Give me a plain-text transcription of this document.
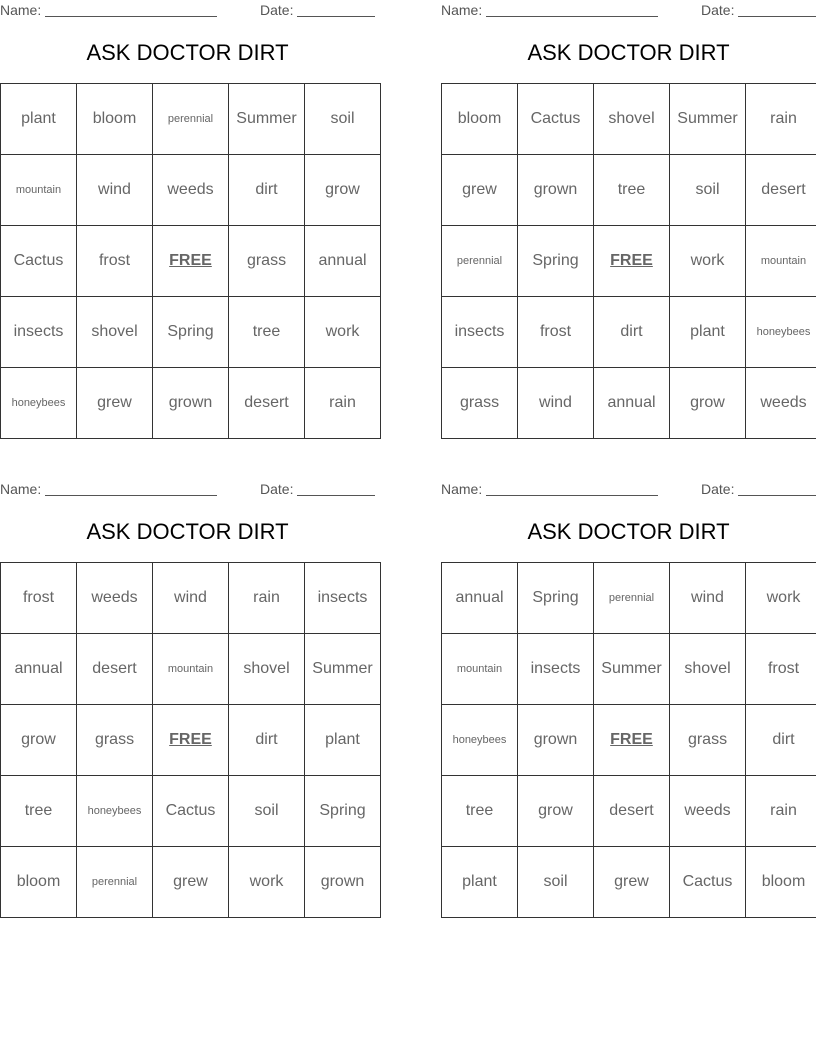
Name:	Date:
ASK DOCTOR DIRT
plant	bloom	perennial	Summer	soil
mountain	wind	weeds	dirt	grow
Cactus	frost	FREE	grass	annual
insects	shovel	Spring	tree	work
honeybees	grew	grown	desert	rain
Name:	Date:
ASK DOCTOR DIRT
bloom	Cactus	shovel	Summer	rain
grew	grown	tree	soil	desert
perennial	Spring	FREE	work	mountain
insects	frost	dirt	plant	honeybees
grass	wind	annual	grow	weeds
Name:	Date:
ASK DOCTOR DIRT
frost	weeds	wind	rain	insects
annual	desert	mountain	shovel	Summer
grow	grass	FREE	dirt	plant
tree	honeybees	Cactus	soil	Spring
bloom	perennial	grew	work	grown
Name:	Date:
ASK DOCTOR DIRT
annual	Spring	perennial	wind	work
mountain	insects	Summer	shovel	frost
honeybees	grown	FREE	grass	dirt
tree	grow	desert	weeds	rain
plant	soil	grew	Cactus	bloom
